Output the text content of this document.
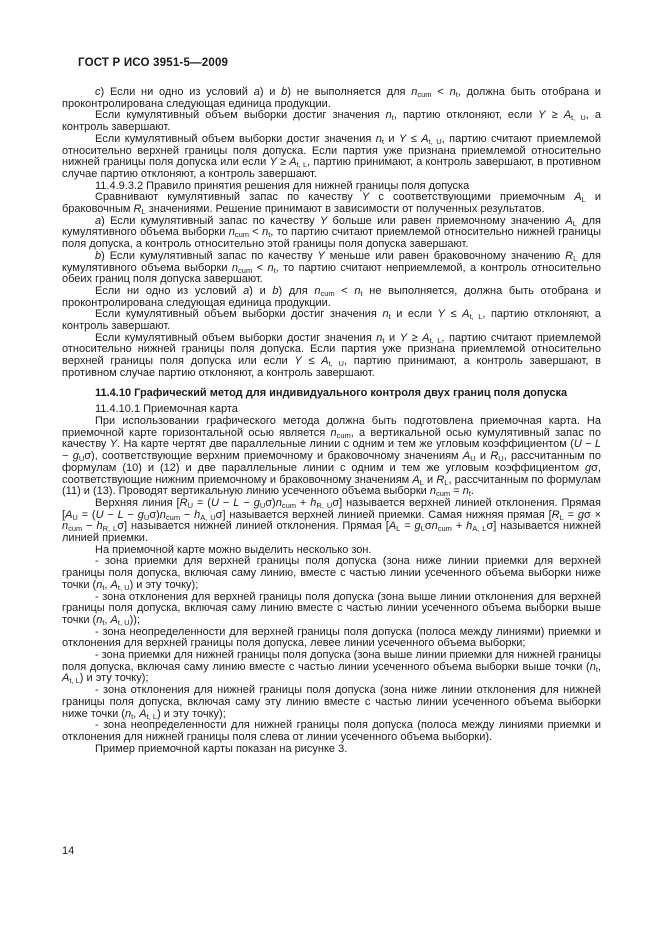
ГОСТ Р ИСО 3951-5—2009

c) Если ни одно из условий a) и b) не выполняется для $n_{cum} < n_t$, должна быть отобрана и проконтролирована следующая единица продукции.

Если кумулятивный объем выборки достиг значения $n_t$, партию отклоняют, если $Y \ge A_{t, U}$, а контроль завершают.

Если кумулятивный объем выборки достиг значения $n_t$ и $Y \le A_{t, U}$, партию считают приемлемой относительно верхней границы поля допуска. Если партия уже признана приемлемой относительно нижней границы поля допуска или если $Y \ge A_{t, L}$, партию принимают, а контроль завершают, в противном случае партию отклоняют, а контроль завершают.

11.4.9.3.2 Правило принятия решения для нижней границы поля допуска

Сравнивают кумулятивный запас по качеству Y с соответствующими приемочным $A_L$ и браковочным $R_L$ значениями. Решение принимают в зависимости от полученных результатов.

a) Если кумулятивный запас по качеству Y больше или равен приемочному значению $A_L$ для кумулятивного объема выборки $n_{cum} < n_t$, то партию считают приемлемой относительно нижней границы поля допуска, а контроль относительно этой границы поля допуска завершают.

b) Если кумулятивный запас по качеству Y меньше или равен браковочному значению $R_L$ для кумулятивного объема выборки $n_{cum} < n_t$, то партию считают неприемлемой, а контроль относительно обеих границ поля допуска завершают.

Если ни одно из условий a) и b) для $n_{cum} < n_t$ не выполняется, должна быть отобрана и проконтролирована следующая единица продукции.

Если кумулятивный объем выборки достиг значения $n_t$ и если $Y \le A_{t, L}$, партию отклоняют, а контроль завершают.

Если кумулятивный объем выборки достиг значения $n_t$ и $Y \ge A_{t, L}$, партию считают приемлемой относительно нижней границы поля допуска. Если партия уже признана приемлемой относительно верхней границы поля допуска или если $Y \le A_{t, U}$, партию принимают, а контроль завершают, в противном случае партию отклоняют, а контроль завершают.

11.4.10 Графический метод для индивидуального контроля двух границ поля допуска

11.4.10.1 Приемочная карта

При использовании графического метода должна быть подготовлена приемочная карта. На приемочной карте горизонтальной осью является $n_{cum}$, а вертикальной осью кумулятивный запас по качеству Y. На карте чертят две параллельные линии с одним и тем же угловым коэффициентом $(U - L - g_U\sigma)$, соответствующие верхним приемочному и браковочному значениям $A_U$ и $R_U$, рассчитанным по формулам (10) и (12) и две параллельные линии с одним и тем же угловым коэффициентом gσ, соответствующие нижним приемочному и браковочному значениям $A_L$ и $R_L$, рассчитанным по формулам (11) и (13). Проводят вертикальную линию усеченного объема выборки $n_{cum} = n_t$.

Верхняя линия $[R_U = (U - L - g_U\sigma)n_{cum} + h_{R, U}\sigma]$ называется верхней линией отклонения. Прямая $[A_U = (U - L - g_U\sigma)n_{cum} - h_{A, U}\sigma]$ называется верхней линией приемки. Самая нижняя прямая $[R_L = g\sigma \times n_{cum} - h_{R, L}\sigma]$ называется нижней линией отклонения. Прямая $[A_L = g_L\sigma n_{cum} + h_{A, L}\sigma]$ называется нижней линией приемки.

На приемочной карте можно выделить несколько зон.

- зона приемки для верхней границы поля допуска (зона ниже линии приемки для верхней границы поля допуска, включая саму линию, вместе с частью линии усеченного объема выборки ниже точки ($n_t$, $A_{t, U}$) и эту точку);

- зона отклонения для верхней границы поля допуска (зона выше линии отклонения для верхней границы поля допуска, включая саму линию вместе с частью линии усеченного объема выборки выше точки ($n_t$, $A_{t, U}$));

- зона неопределенности для верхней границы поля допуска (полоса между линиями) приемки и отклонения для верхней границы поля допуска, левее линии усеченного объема выборки;

- зона приемки для нижней границы поля допуска (зона выше линии приемки для нижней границы поля допуска, включая саму линию вместе с частью линии усеченного объема выборки выше точки ($n_t$, $A_{t, L}$) и эту точку);

- зона отклонения для нижней границы поля допуска (зона ниже линии отклонения для нижней границы поля допуска, включая саму эту линию вместе с частью линии усеченного объема выборки ниже точки ($n_t$, $A_{t, L}$) и эту точку);

- зона неопределенности для нижней границы поля допуска (полоса между линиями приемки и отклонения для нижней границы поля слева от линии усеченного объема выборки).

Пример приемочной карты показан на рисунке 3.

14
